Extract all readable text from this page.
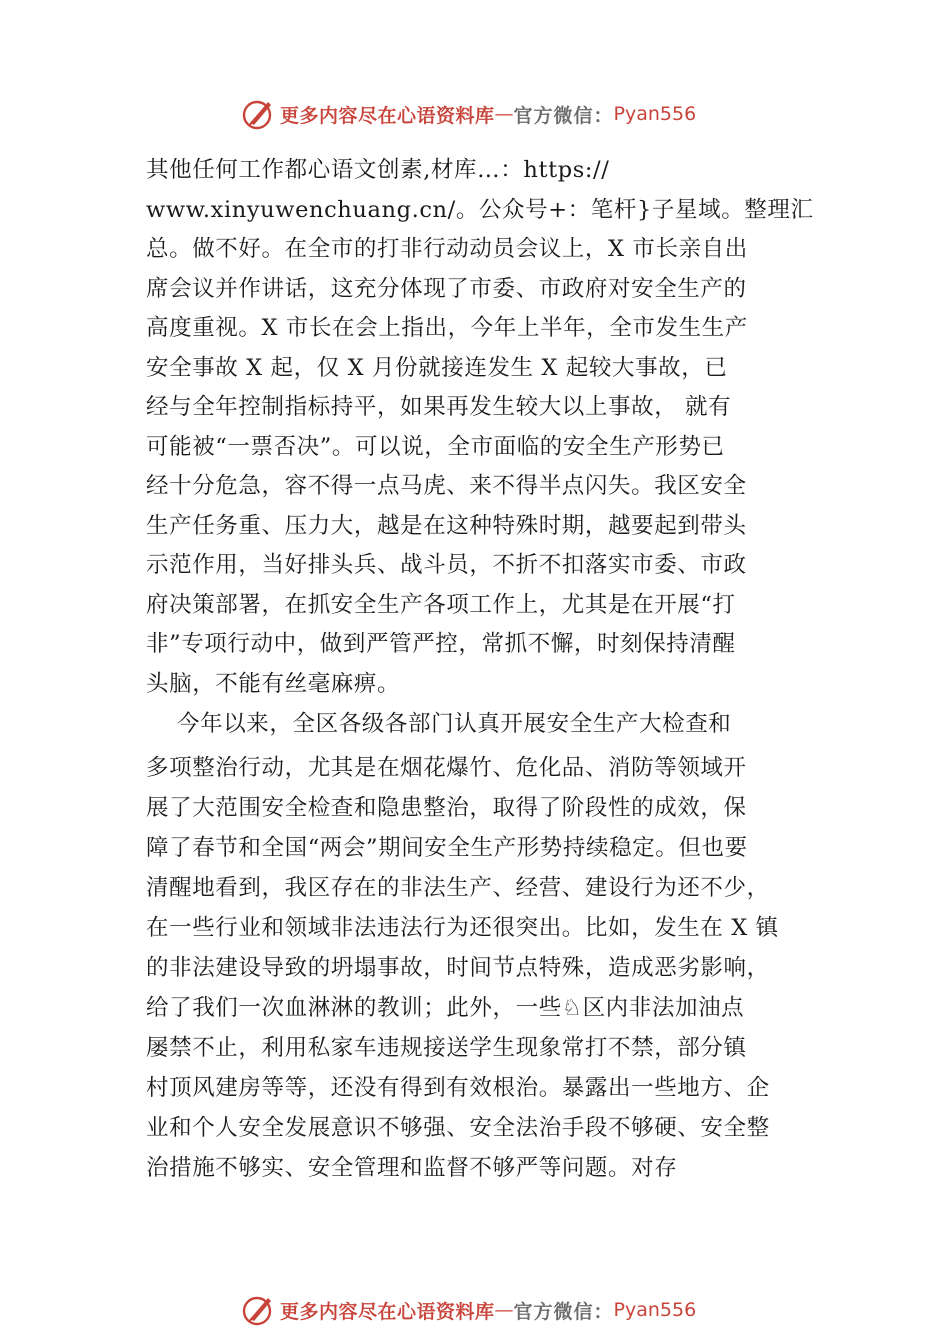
更多内容尽在心语资料库 — 官方微信： Pyan556
其他任何工作都心语文创素,材库…：https://
www.xinyuwenchuang.cn/。公众号+：笔杆}子星域。整理汇
总。做不好。在全市的打非行动动员会议上，X 市长亲自出
席会议并作讲话，这充分体现了市委、市政府对安全生产的
高度重视。X 市长在会上指出，今年上半年，全市发生生产
安全事故 X 起，仅 X 月份就接连发生 X 起较大事故，已
经与全年控制指标持平，如果再发生较大以上事故， 就有
可能被“一票否决”。可以说，全市面临的安全生产形势已
经十分危急，容不得一点马虎、来不得半点闪失。我区安全
生产任务重、压力大，越是在这种特殊时期，越要起到带头
示范作用，当好排头兵、战斗员，不折不扣落实市委、市政
府决策部署，在抓安全生产各项工作上，尤其是在开展“打
非”专项行动中，做到严管严控，常抓不懈，时刻保持清醒
头脑，不能有丝毫麻痹。
今年以来，全区各级各部门认真开展安全生产大检查和
多项整治行动，尤其是在烟花爆竹、危化品、消防等领域开
展了大范围安全检查和隐患整治，取得了阶段性的成效，保
障了春节和全国“两会”期间安全生产形势持续稳定。但也要
清醒地看到，我区存在的非法生产、经营、建设行为还不少，
在一些行业和领域非法违法行为还很突出。比如，发生在 X 镇
的非法建设导致的坍塌事故，时间节点特殊，造成恶劣影响，
给了我们一次血淋淋的教训；此外，一些♘区内非法加油点
屡禁不止，利用私家车违规接送学生现象常打不禁，部分镇
村顶风建房等等，还没有得到有效根治。暴露出一些地方、企
业和个人安全发展意识不够强、安全法治手段不够硬、安全整
治措施不够实、安全管理和监督不够严等问题。对存
更多内容尽在心语资料库 — 官方微信： Pyan556
